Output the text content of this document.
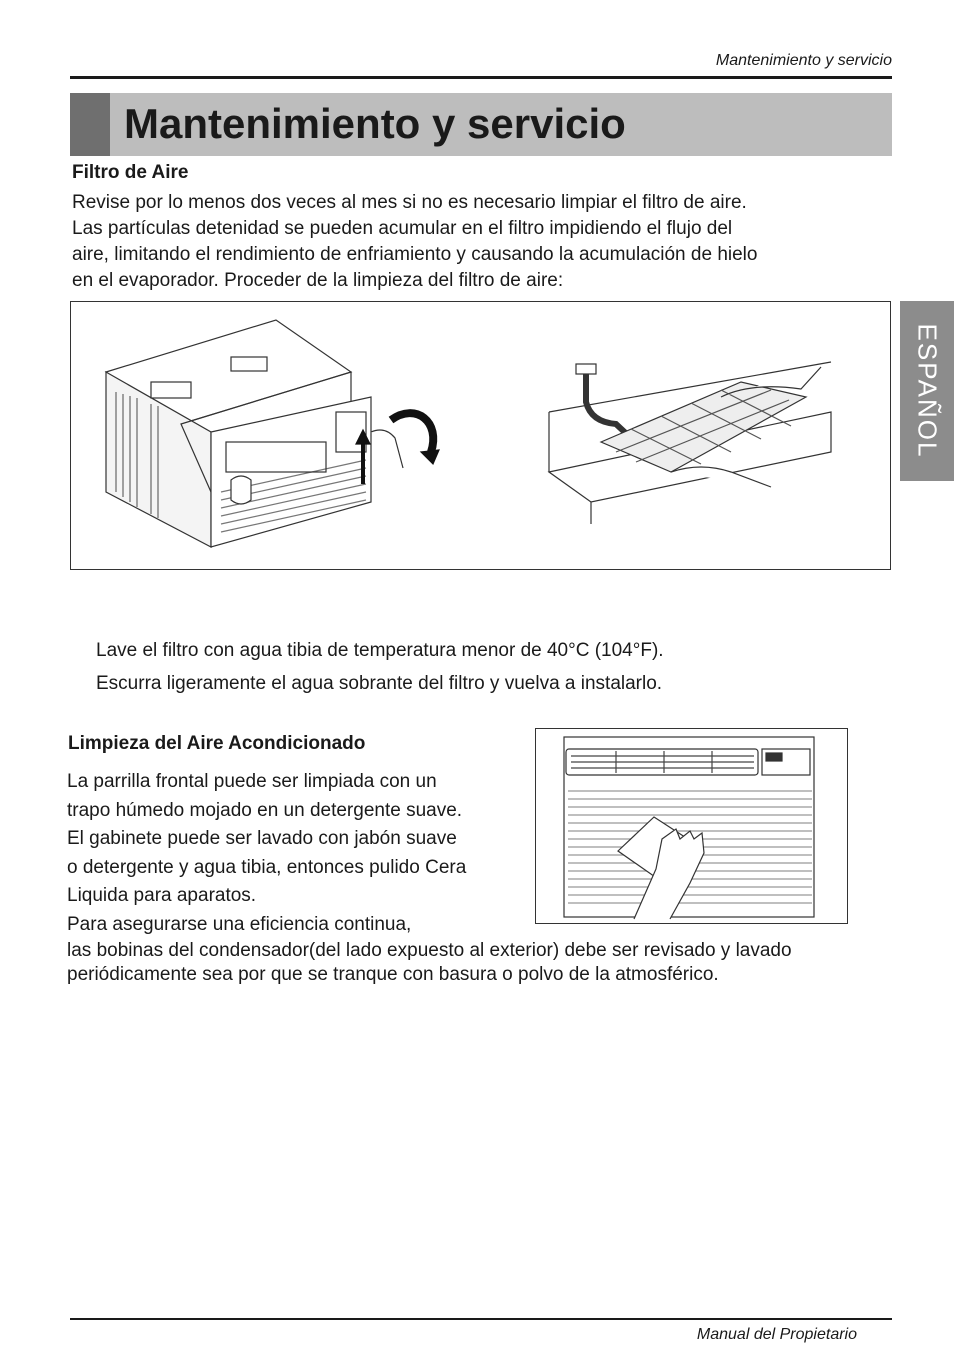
Mantenimiento y servicio
Mantenimiento y servicio
ESPAÑOL
Filtro de Aire

Revise por lo menos dos veces al mes si no es necesario limpiar el filtro de aire.

Las partículas detenidad se pueden acumular en el filtro impidiendo el flujo del

aire, limitando el rendimiento de enfriamiento y causando la acumulación de hielo

en el evaporador. Proceder de la limpieza del filtro de aire:

Lave el filtro con agua tibia de temperatura menor de 40°C (104°F).
Escurra ligeramente el agua sobrante del filtro y vuelva a instalarlo.
Limpieza del Aire Acondicionado

La parrilla frontal puede ser limpiada con un

trapo húmedo mojado en un detergente suave.

El gabinete puede ser lavado con jabón suave

o detergente y agua tibia, entonces pulido Cera

Liquida para aparatos.

Para asegurarse una eficiencia continua,

las bobinas del condensador(del lado expuesto al exterior) debe ser revisado y lavado

periódicamente sea por que se tranque con basura o polvo de la atmosférico.

Manual del Propietario
